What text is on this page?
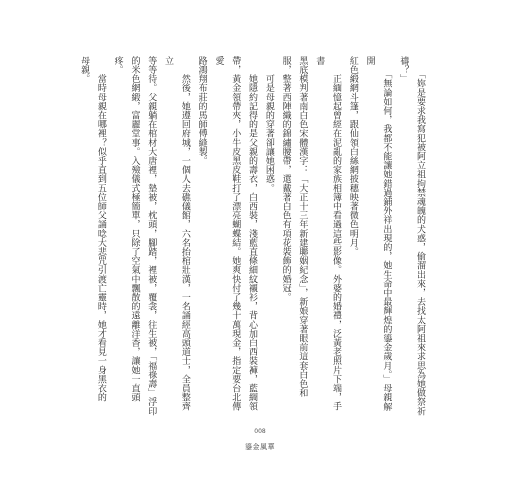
　　「妳是要求我寫犯被阿立祖拘禁魂魄的犬惑，偷溜出來，去找太阿祖來求思為她做祭祈

禱？」

　　「無論如何，我都不能讓她錯過鋪外祥出現的，她生命中最輝煌的鎏金歲月。」母親解開

紅色緞網斗篷，跟仙領白絲網披穗映著微色明月。

　　正緬憶起曾經在泥亂的家族相簿中看過這些影像。外婆的婚禮，泛黃老照片下端，手書

黑底模判著南白色宋體漢字：「大正十三年新建聯姻紀念」，新娘穿著眼前這套白色和

服，整著西陣織的錦繡腰帶，還戴著白色有項花裝飾的婚冠。

　　可是母親的穿著卻讓她困惑。

　　她隱約記得的是父親的壽衣，白西裝，淺藍直條細紋襯衫，背心加白西裝褲，藍綢領

帶，黃金領帶夾，小牛皮黑皮鞋打了漂亮蝴蝶結。她爽快付了幾十萬現金，指定要台北傳愛

路鴻翔布莊的馬師傅縫製。

　　然後，她遵回府城，一個人去礁儀館，六名抬棺壯漢，一名誦經高頭道士，全員整齊立

等等待。父親躺在棺材大唐裡，墊被，枕頭，腳踏，裡被，覆衾，往生被，「福祿壽」浮印

的米色網緞，富麗堂事。入殮儀式極簡單，只除了空氣中飄散的遠離洋香，讓她一直頭疼。

　　當時母親在哪裡？似乎直到五位師父誦唸大悲咒引渡亡靈時，她才看見一身黑衣的

母親。

008
鎏金風華
